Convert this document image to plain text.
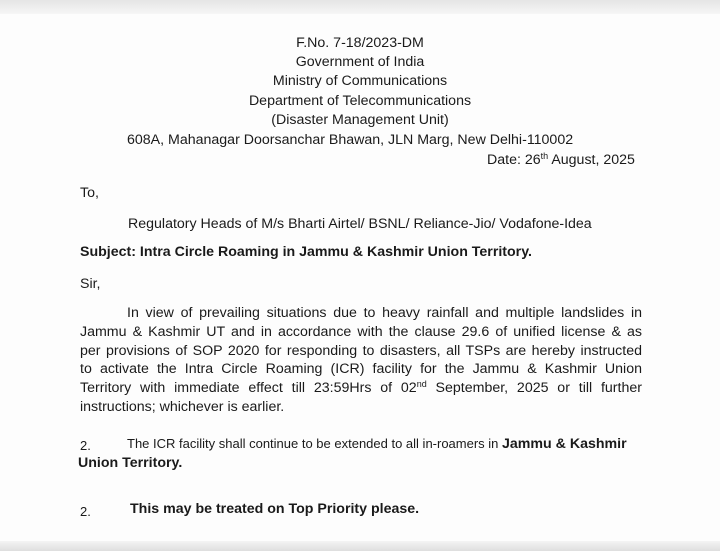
F.No. 7-18/2023-DM
Government of India
Ministry of Communications
Department of Telecommunications
(Disaster Management Unit)
608A, Mahanagar Doorsanchar Bhawan, JLN Marg, New Delhi-110002
Date: 26th August, 2025
To,
Regulatory Heads of M/s Bharti Airtel/ BSNL/ Reliance-Jio/ Vodafone-Idea
Subject: Intra Circle Roaming in Jammu & Kashmir Union Territory.
Sir,
In view of prevailing situations due to heavy rainfall and multiple landslides in
Jammu & Kashmir UT and in accordance with the clause 29.6 of unified license & as
per provisions of SOP 2020 for responding to disasters, all TSPs are hereby instructed
to activate the Intra Circle Roaming (ICR) facility for the Jammu & Kashmir Union
Territory with immediate effect till 23:59Hrs of 02nd September, 2025 or till further
instructions; whichever is earlier.
2.	The ICR facility shall continue to be extended to all in-roamers in Jammu & Kashmir
Union Territory.
2.	This may be treated on Top Priority please.
